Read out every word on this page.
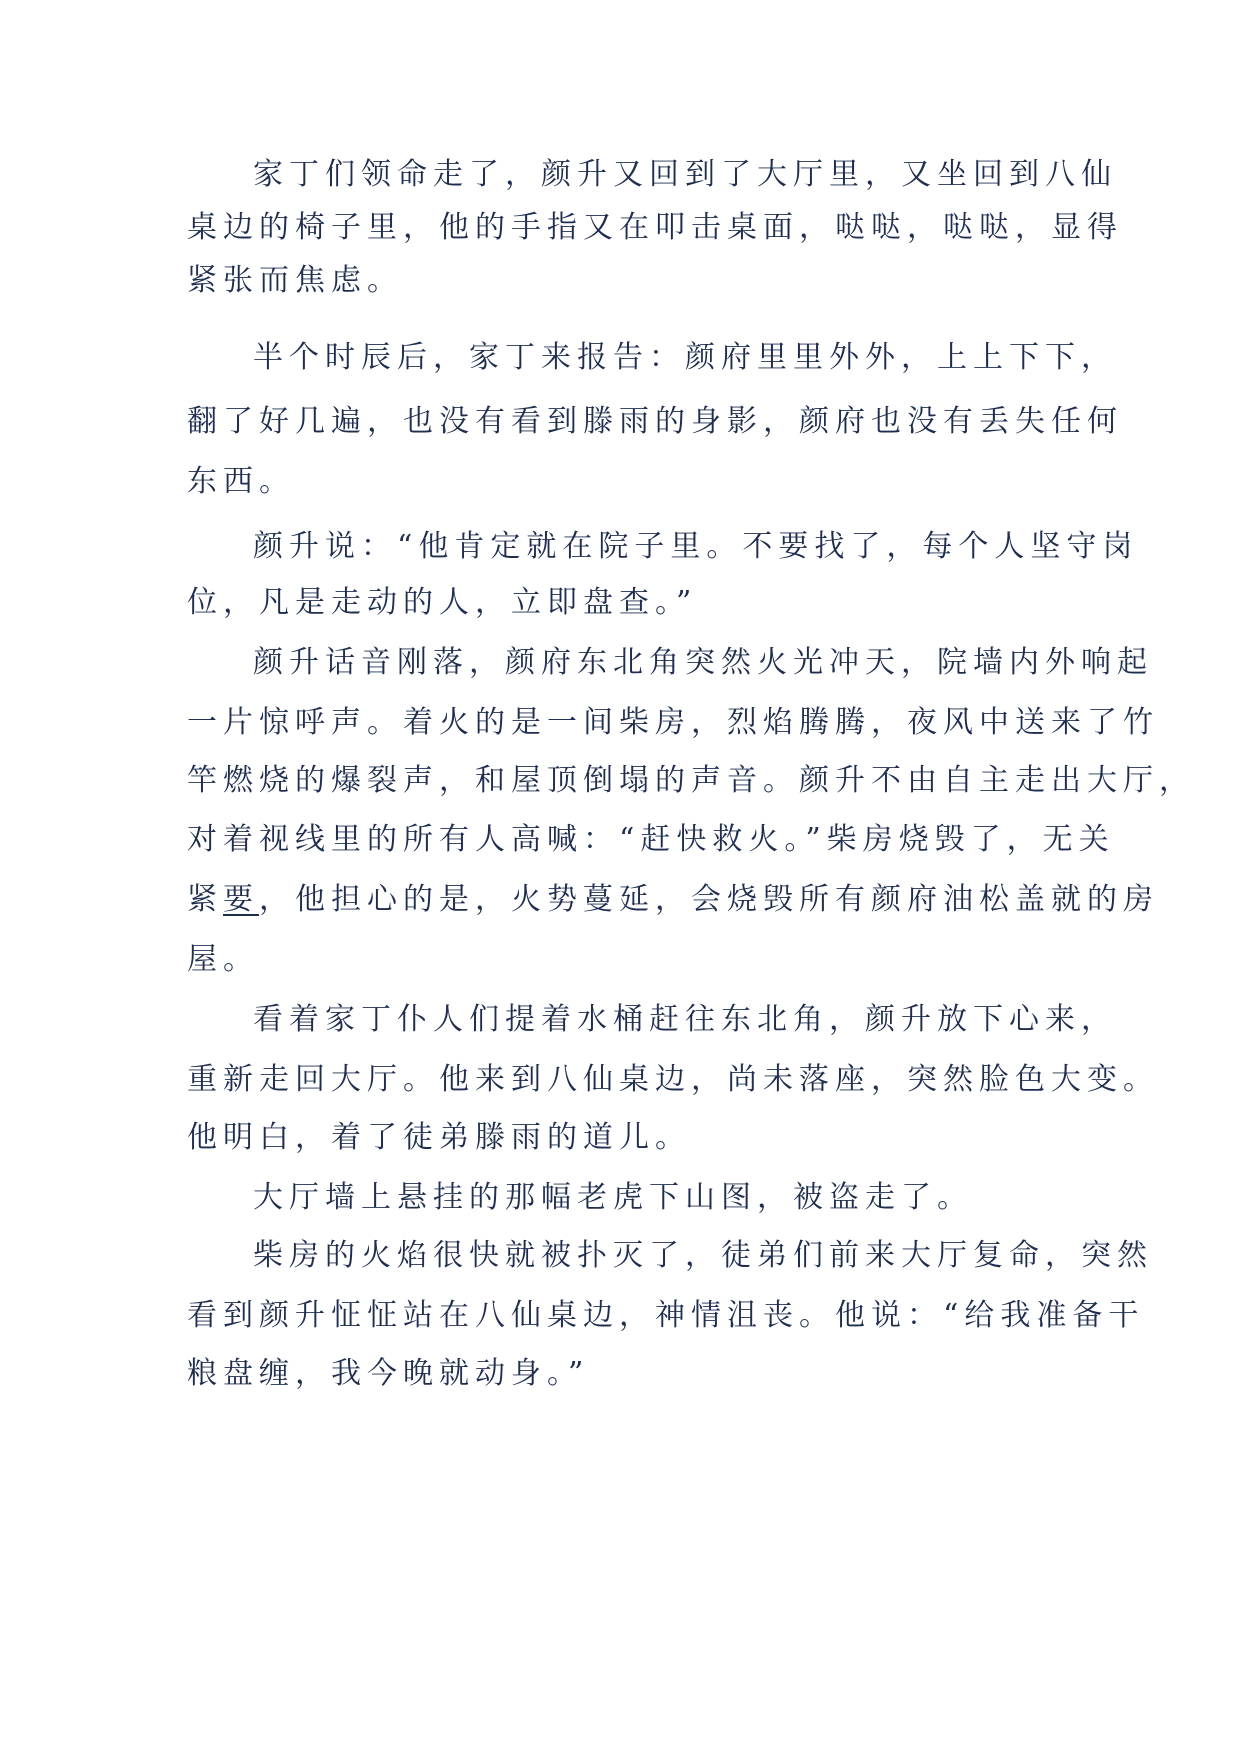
家丁们领命走了，颜升又回到了大厅里，又坐回到八仙
桌边的椅子里，他的手指又在叩击桌面，哒哒，哒哒，显得
紧张而焦虑。
半个时辰后，家丁来报告：颜府里里外外，上上下下，
翻了好几遍，也没有看到滕雨的身影，颜府也没有丢失任何
东西。
颜升说：“他肯定就在院子里。不要找了，每个人坚守岗
位，凡是走动的人，立即盘查。”
颜升话音刚落，颜府东北角突然火光冲天，院墙内外响起
一片惊呼声。着火的是一间柴房，烈焰腾腾，夜风中送来了竹
竿燃烧的爆裂声，和屋顶倒塌的声音。颜升不由自主走出大厅，
对着视线里的所有人高喊：“赶快救火。”柴房烧毁了，无关
紧要，他担心的是，火势蔓延，会烧毁所有颜府油松盖就的房
屋。
看着家丁仆人们提着水桶赶往东北角，颜升放下心来，
重新走回大厅。他来到八仙桌边，尚未落座，突然脸色大变。
他明白，着了徒弟滕雨的道儿。
大厅墙上悬挂的那幅老虎下山图，被盗走了。
柴房的火焰很快就被扑灭了，徒弟们前来大厅复命，突然
看到颜升怔怔站在八仙桌边，神情沮丧。他说：“给我准备干
粮盘缠，我今晚就动身。”
